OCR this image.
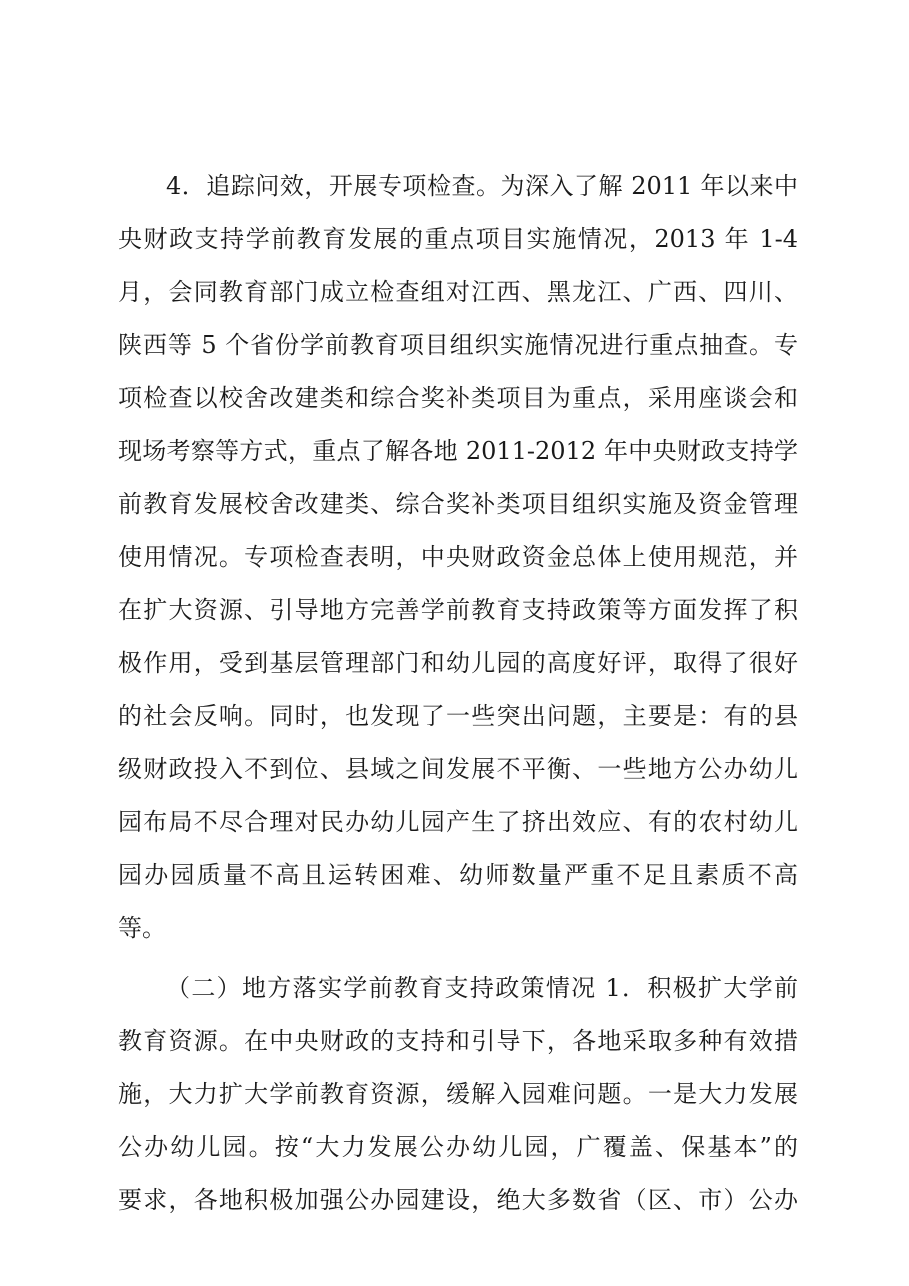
4．追踪问效，开展专项检查。为深入了解 2011 年以来中
央财政支持学前教育发展的重点项目实施情况，2013 年 1-4
月，会同教育部门成立检查组对江西、黑龙江、广西、四川、
陕西等 5 个省份学前教育项目组织实施情况进行重点抽查。专
项检查以校舍改建类和综合奖补类项目为重点，采用座谈会和
现场考察等方式，重点了解各地 2011-2012 年中央财政支持学
前教育发展校舍改建类、综合奖补类项目组织实施及资金管理
使用情况。专项检查表明，中央财政资金总体上使用规范，并
在扩大资源、引导地方完善学前教育支持政策等方面发挥了积
极作用，受到基层管理部门和幼儿园的高度好评，取得了很好
的社会反响。同时，也发现了一些突出问题，主要是：有的县
级财政投入不到位、县域之间发展不平衡、一些地方公办幼儿
园布局不尽合理对民办幼儿园产生了挤出效应、有的农村幼儿
园办园质量不高且运转困难、幼师数量严重不足且素质不高
等。
（二）地方落实学前教育支持政策情况 1．积极扩大学前
教育资源。在中央财政的支持和引导下，各地采取多种有效措
施，大力扩大学前教育资源，缓解入园难问题。一是大力发展
公办幼儿园。按“大力发展公办幼儿园，广覆盖、保基本”的
要求，各地积极加强公办园建设，绝大多数省（区、市）公办
